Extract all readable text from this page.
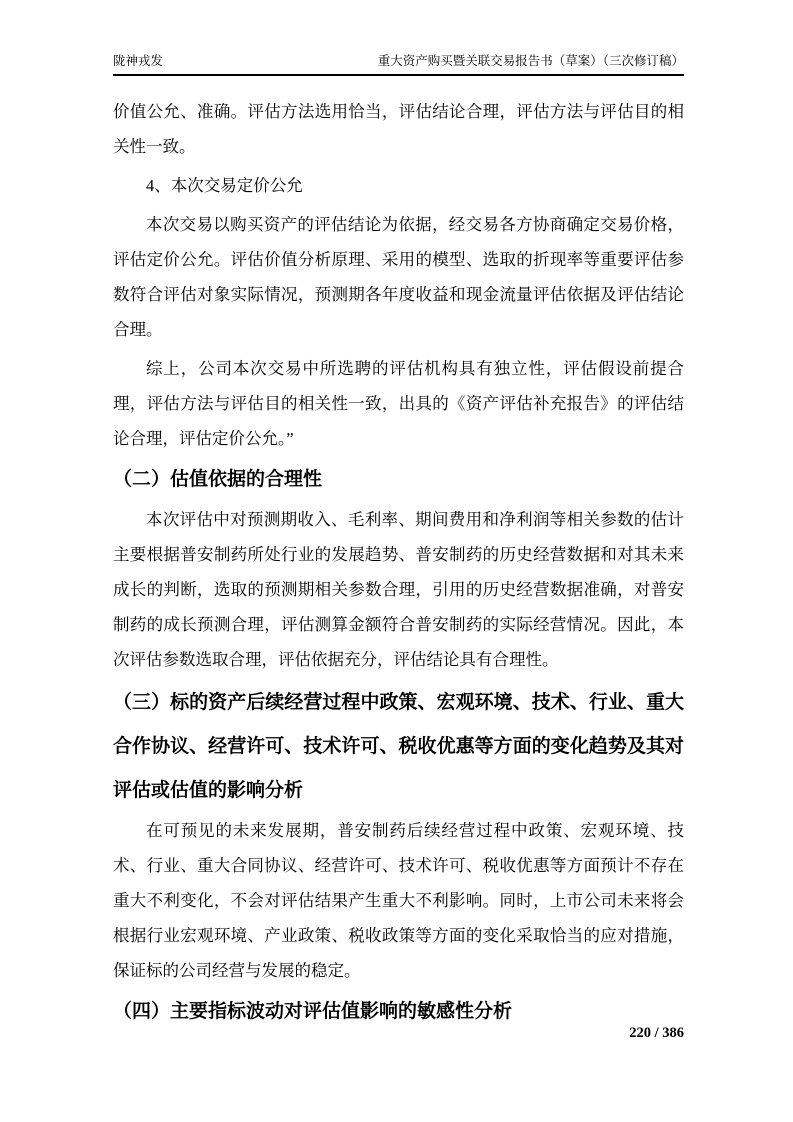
陇神戎发	重大资产购买暨关联交易报告书（草案）（三次修订稿）

价值公允、准确。评估方法选用恰当，评估结论合理，评估方法与评估目的相关性一致。

4、本次交易定价公允

本次交易以购买资产的评估结论为依据，经交易各方协商确定交易价格，评估定价公允。评估价值分析原理、采用的模型、选取的折现率等重要评估参数符合评估对象实际情况，预测期各年度收益和现金流量评估依据及评估结论合理。

综上，公司本次交易中所选聘的评估机构具有独立性，评估假设前提合理，评估方法与评估目的相关性一致，出具的《资产评估补充报告》的评估结论合理，评估定价公允。”

（二）估值依据的合理性

本次评估中对预测期收入、毛利率、期间费用和净利润等相关参数的估计主要根据普安制药所处行业的发展趋势、普安制药的历史经营数据和对其未来成长的判断，选取的预测期相关参数合理，引用的历史经营数据准确，对普安制药的成长预测合理，评估测算金额符合普安制药的实际经营情况。因此，本次评估参数选取合理，评估依据充分，评估结论具有合理性。

（三）标的资产后续经营过程中政策、宏观环境、技术、行业、重大合作协议、经营许可、技术许可、税收优惠等方面的变化趋势及其对评估或估值的影响分析

在可预见的未来发展期，普安制药后续经营过程中政策、宏观环境、技术、行业、重大合同协议、经营许可、技术许可、税收优惠等方面预计不存在重大不利变化，不会对评估结果产生重大不利影响。同时，上市公司未来将会根据行业宏观环境、产业政策、税收政策等方面的变化采取恰当的应对措施，保证标的公司经营与发展的稳定。

（四）主要指标波动对评估值影响的敏感性分析
220 / 386
